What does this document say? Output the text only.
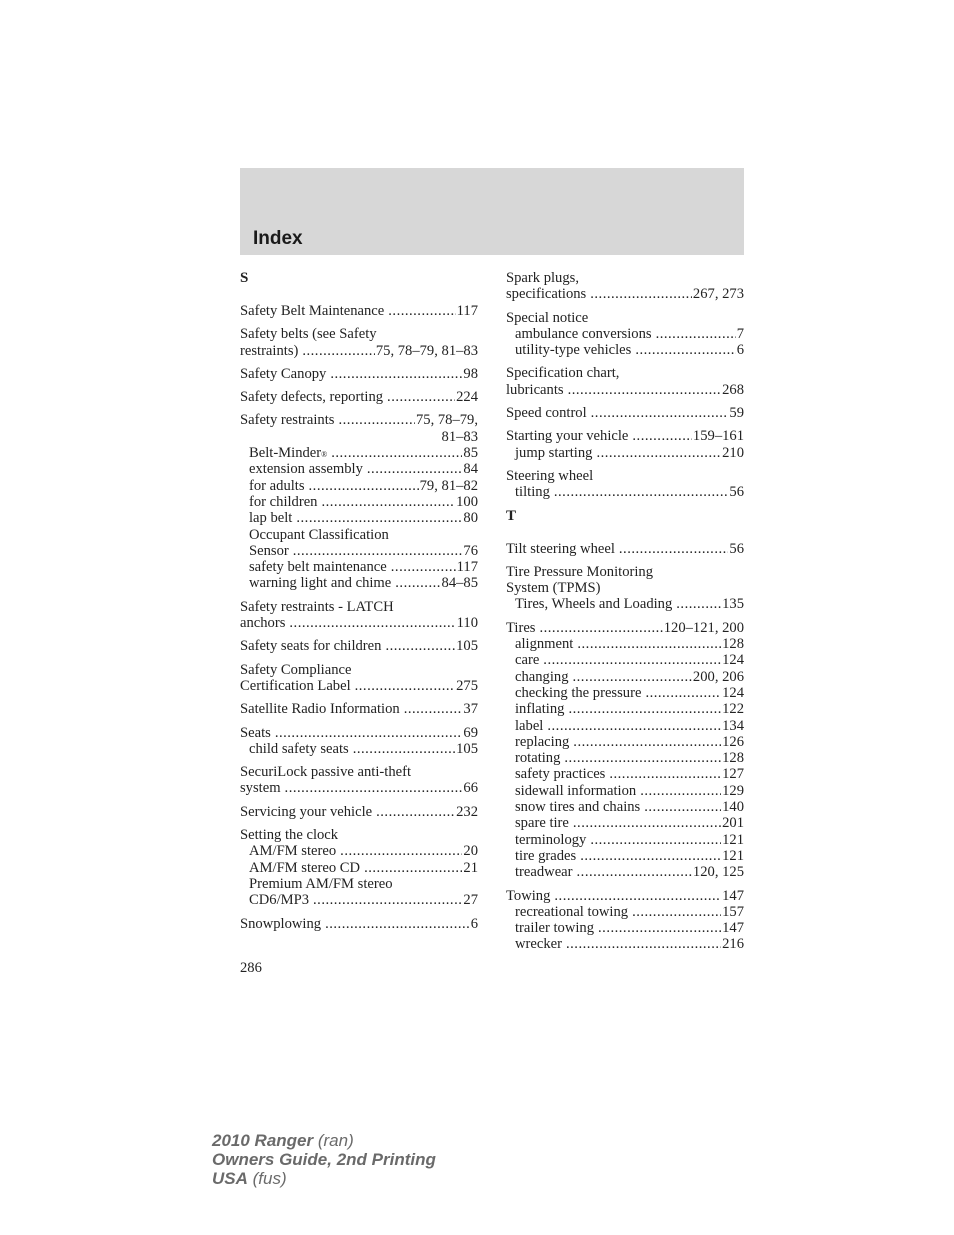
Index
S
Safety Belt Maintenance .....	117
Safety belts (see Safety
restraints) .....	75, 78–79, 81–83
Safety Canopy .....	98
Safety defects, reporting .....	224
Safety restraints .....	75, 78–79,
81–83
Belt-Minder ® .....	85
extension assembly .....	84
for adults .....	79, 81–82
for children .....	100
lap belt .....	80
Occupant Classification
Sensor .....	76
safety belt maintenance .....	117
warning light and chime .....	84–85
Safety restraints - LATCH
anchors .....	110
Safety seats for children .....	105
Safety Compliance
Certification Label .....	275
Satellite Radio Information .....	37
Seats .....	69
child safety seats .....	105
SecuriLock passive anti-theft
system .....	66
Servicing your vehicle .....	232
Setting the clock
AM/FM stereo .....	20
AM/FM stereo CD .....	21
Premium AM/FM stereo
CD6/MP3 .....	27
Snowplowing .....	6
Spark plugs,
specifications .....	267, 273
Special notice
ambulance conversions .....	7
utility-type vehicles .....	6
Specification chart,
lubricants .....	268
Speed control .....	59
Starting your vehicle .....	159–161
jump starting .....	210
Steering wheel
tilting .....	56
T
Tilt steering wheel .....	56
Tire Pressure Monitoring
System (TPMS)
Tires, Wheels and Loading .....	135
Tires .....	120–121, 200
alignment .....	128
care .....	124
changing .....	200, 206
checking the pressure .....	124
inflating .....	122
label .....	134
replacing .....	126
rotating .....	128
safety practices .....	127
sidewall information .....	129
snow tires and chains .....	140
spare tire .....	201
terminology .....	121
tire grades .....	121
treadwear .....	120, 125
Towing .....	147
recreational towing .....	157
trailer towing .....	147
wrecker .....	216
286
2010 Ranger (ran)
Owners Guide, 2nd Printing
USA (fus)
